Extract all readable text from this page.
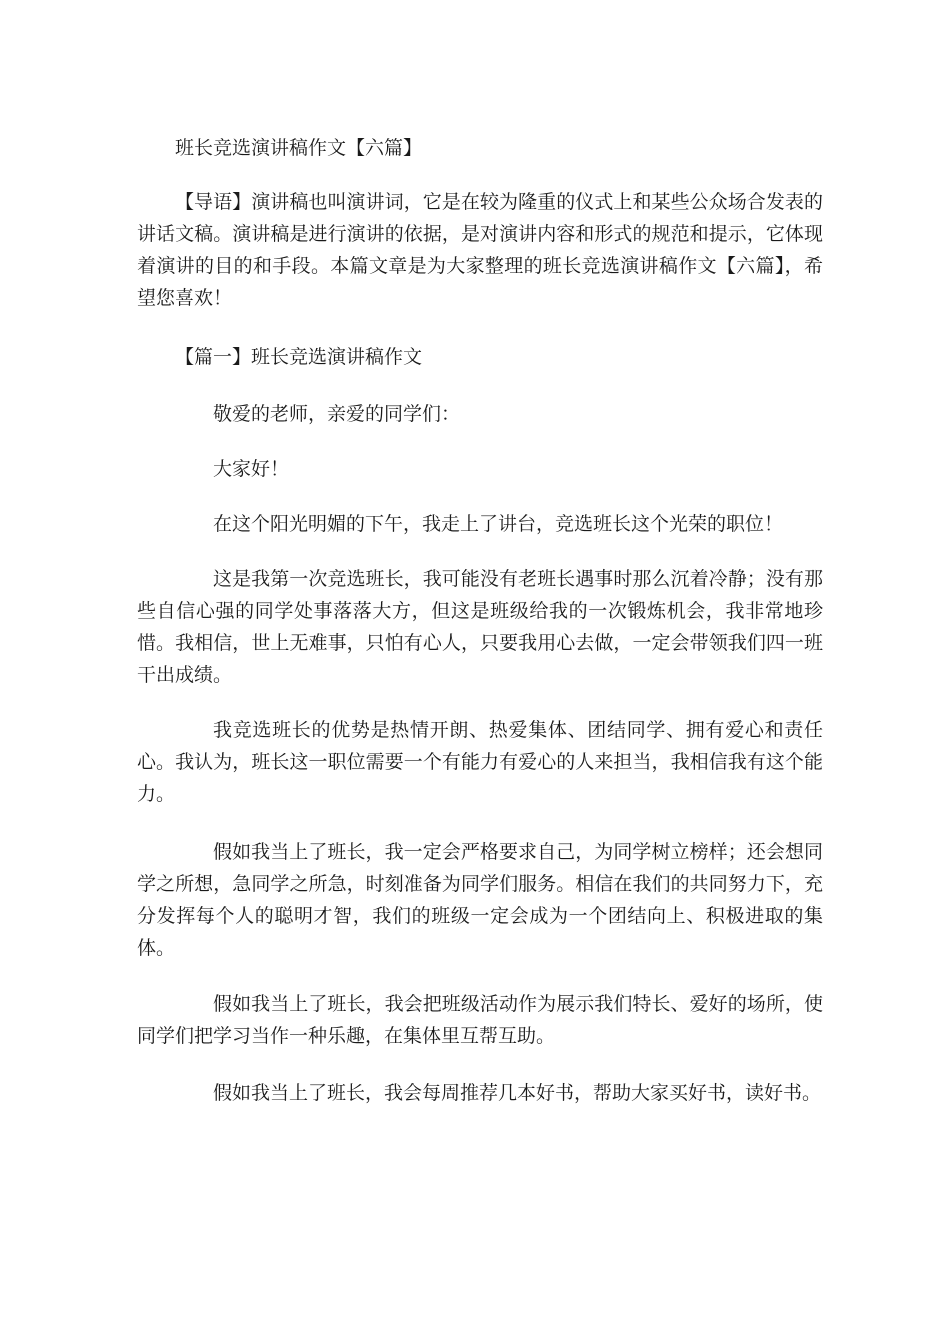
班长竞选演讲稿作文【六篇】

【导语】演讲稿也叫演讲词，它是在较为隆重的仪式上和某些公众场合发表的讲话文稿。演讲稿是进行演讲的依据，是对演讲内容和形式的规范和提示，它体现着演讲的目的和手段。本篇文章是为大家整理的班长竞选演讲稿作文【六篇】，希望您喜欢！

【篇一】班长竞选演讲稿作文

敬爱的老师，亲爱的同学们：

大家好！

在这个阳光明媚的下午，我走上了讲台，竞选班长这个光荣的职位！

这是我第一次竞选班长，我可能没有老班长遇事时那么沉着冷静；没有那些自信心强的同学处事落落大方，但这是班级给我的一次锻炼机会，我非常地珍惜。我相信，世上无难事，只怕有心人，只要我用心去做，一定会带领我们四一班干出成绩。

我竞选班长的优势是热情开朗、热爱集体、团结同学、拥有爱心和责任心。我认为，班长这一职位需要一个有能力有爱心的人来担当，我相信我有这个能力。

假如我当上了班长，我一定会严格要求自己，为同学树立榜样；还会想同学之所想，急同学之所急，时刻准备为同学们服务。相信在我们的共同努力下，充分发挥每个人的聪明才智，我们的班级一定会成为一个团结向上、积极进取的集体。

假如我当上了班长，我会把班级活动作为展示我们特长、爱好的场所，使同学们把学习当作一种乐趣，在集体里互帮互助。

假如我当上了班长，我会每周推荐几本好书，帮助大家买好书，读好书。
